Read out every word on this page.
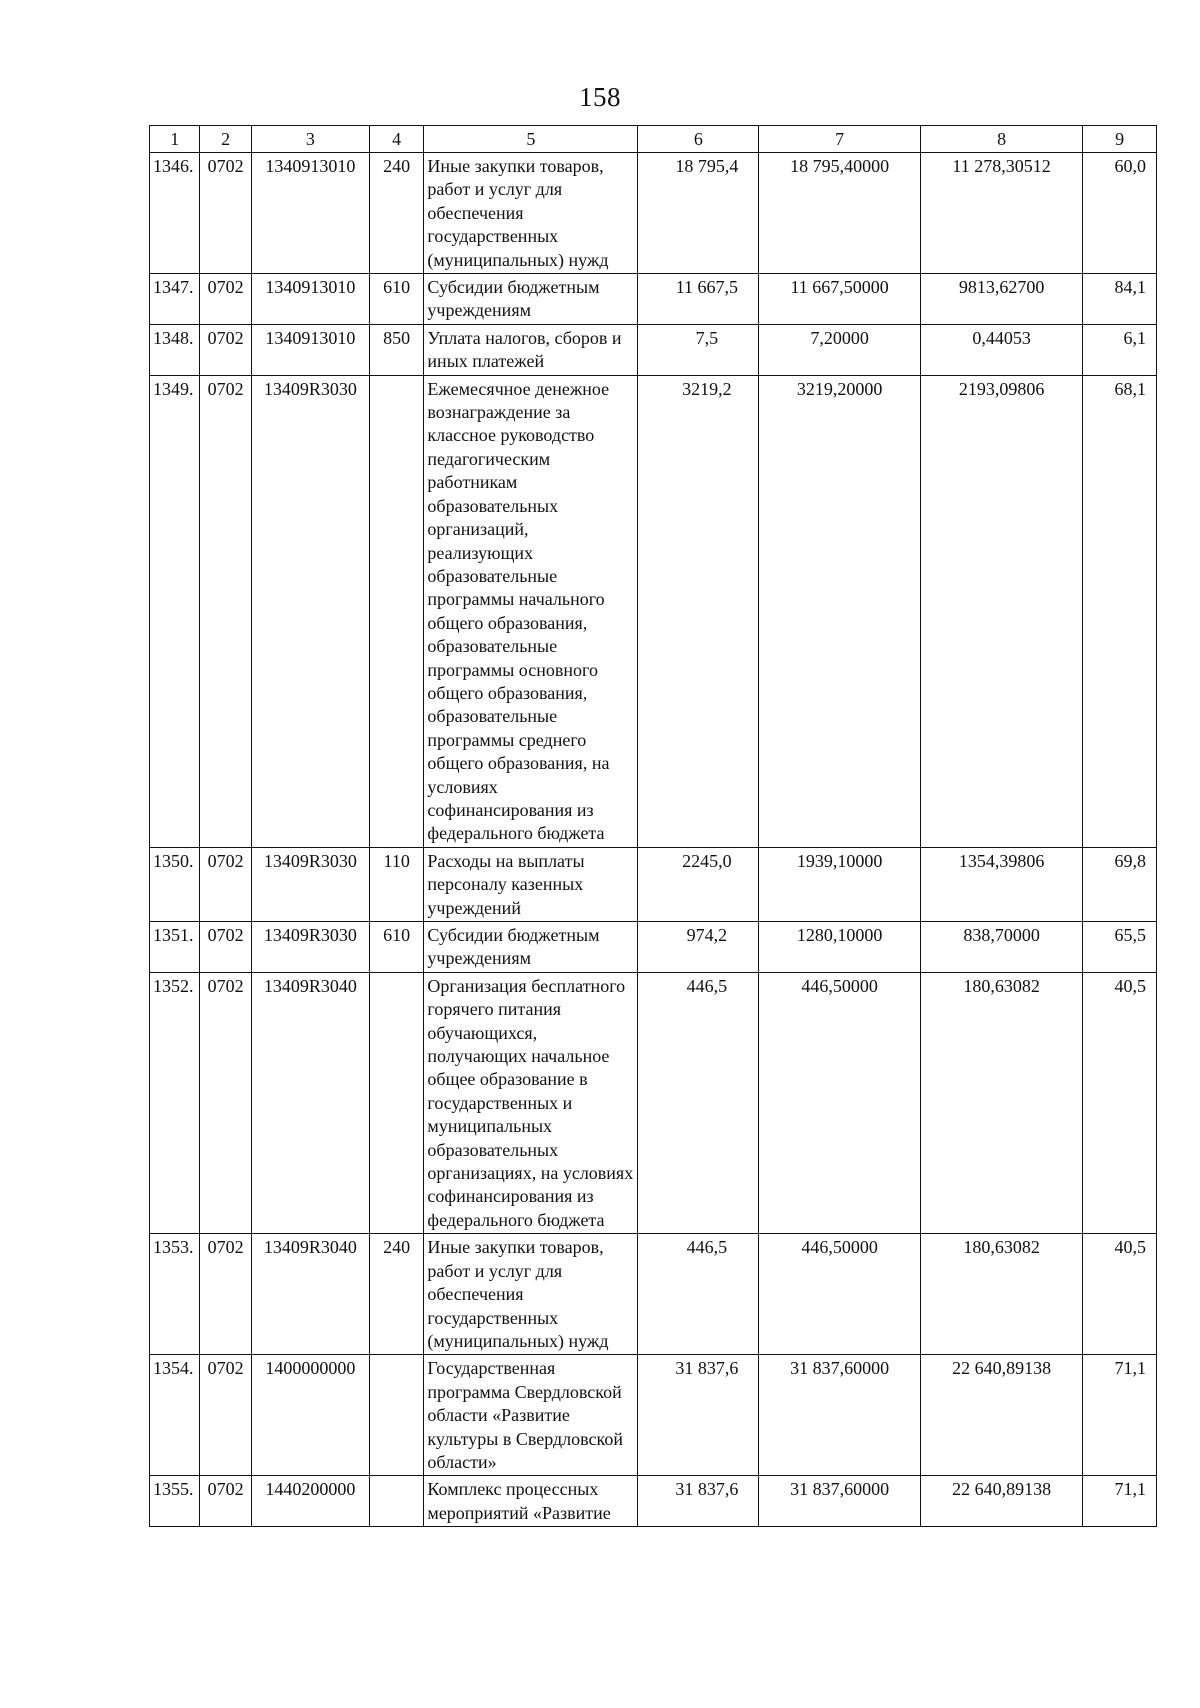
158
1	2	3	4	5	6	7	8	9
1346.	0702	1340913010	240	Иные закупки товаров, работ и услуг для обеспечения государственных (муниципальных) нужд	18 795,4	18 795,40000	11 278,30512	60,0
1347.	0702	1340913010	610	Субсидии бюджетным учреждениям	11 667,5	11 667,50000	9813,62700	84,1
1348.	0702	1340913010	850	Уплата налогов, сборов и иных платежей	7,5	7,20000	0,44053	6,1
1349.	0702	13409R3030		Ежемесячное денежное вознаграждение за классное руководство педагогическим работникам образовательных организаций, реализующих образовательные программы начального общего образования, образовательные программы основного общего образования, образовательные программы среднего общего образования, на условиях софинансирования из федерального бюджета	3219,2	3219,20000	2193,09806	68,1
1350.	0702	13409R3030	110	Расходы на выплаты персоналу казенных учреждений	2245,0	1939,10000	1354,39806	69,8
1351.	0702	13409R3030	610	Субсидии бюджетным учреждениям	974,2	1280,10000	838,70000	65,5
1352.	0702	13409R3040		Организация бесплатного горячего питания обучающихся, получающих начальное общее образование в государственных и муниципальных образовательных организациях, на условиях софинансирования из федерального бюджета	446,5	446,50000	180,63082	40,5
1353.	0702	13409R3040	240	Иные закупки товаров, работ и услуг для обеспечения государственных (муниципальных) нужд	446,5	446,50000	180,63082	40,5
1354.	0702	1400000000		Государственная программа Свердловской области «Развитие культуры в Свердловской области»	31 837,6	31 837,60000	22 640,89138	71,1
1355.	0702	1440200000		Комплекс процессных мероприятий «Развитие	31 837,6	31 837,60000	22 640,89138	71,1
